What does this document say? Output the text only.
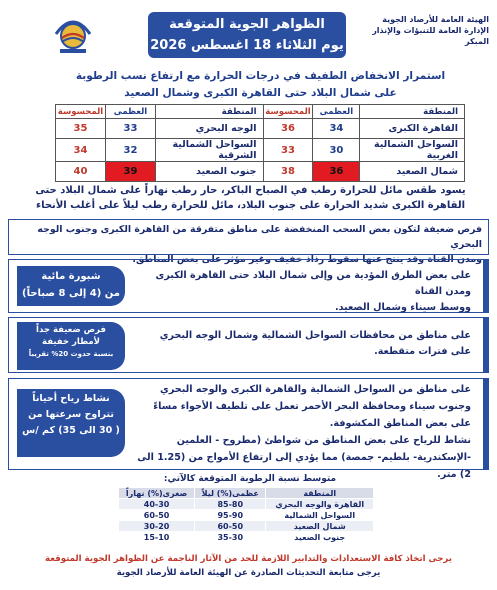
الهيئة العامة للأرصاد الجوية
الإدارة العامة للتنبؤات والإنذار المبكر
الظواهر الجوية المتوقعة
يوم الثلاثاء 18 اغسطس 2026
استمرار الانخفاض الطفيف في درجات الحرارة مع ارتفاع نسب الرطوبة
على شمال البلاد حتى القاهرة الكبرى وشمال الصعيد
المنطقة	العظمى	المحسوسة	المنطقة	العظمى	المحسوسة
القاهرة الكبرى	34	36	الوجه البحري	33	35
السواحل الشمالية الغربية	30	33	السواحل الشمالية الشرقية	32	34
شمال الصعيد	36	38	جنوب الصعيد	39	40
يسود طقس مائل للحرارة رطب في الصباح الباكر، حار رطب نهاراً على شمال البلاد حتى
القاهرة الكبرى شديد الحرارة على جنوب البلاد، مائل للحرارة رطب ليلاً على أغلب الأنحاء
فرص ضعيفة لتكون بعض السحب المنخفضة على مناطق متفرقة من القاهرة الكبرى وجنوب الوجه البحري
ومدن القناة وقد ينتج عنها سقوط رذاذ خفيف وغير مؤثر على بعض المناطق.
على بعض الطرق المؤدية من وإلى شمال البلاد حتى القاهرة الكبرى ومدن القناة
ووسط سيناء وشمال الصعيد.
شبورة مائية
من (4 إلى 8 صباحاً)
على مناطق من محافظات السواحل الشمالية وشمال الوجه البحري
على فترات متقطعة.
فرص ضعيفة جداً
لأمطار خفيفة
بنسبة حدوث 20% تقريباً
على مناطق من السواحل الشمالية والقاهرة الكبرى والوجه البحري
وجنوب سيناء ومحافظة البحر الأحمر تعمل على تلطيف الأجواء مساءً
على بعض المناطق المكشوفة.
نشاط للرياح على بعض المناطق من شواطئ (مطروح - العلمين
-الإسكندرية- بلطيم- جمصة) مما يؤدي إلى ارتفاع الأمواج من (1.25 الى 2) متر.
نشاط رياح أحياناً
تتراوح سرعتها من
( 30 الى 35) كم /س
متوسط نسبة الرطوبة المتوقعة كالآتي:
المنطقة	عظمى(%) ليلاً	صغرى(%) نهاراً
القاهرة والوجه البحري	85-80	40-30
السواحل الشمالية	95-90	60-50
شمال الصعيد	60-50	30-20
جنوب الصعيد	35-30	15-10
يرجى اتخاذ كافة الاستعدادات والتدابير اللازمة للحد من الآثار الناجمة عن الظواهر الجوية المتوقعة
يرجى متابعة التحديثات الصادرة عن الهيئة العامة للأرصاد الجوية
